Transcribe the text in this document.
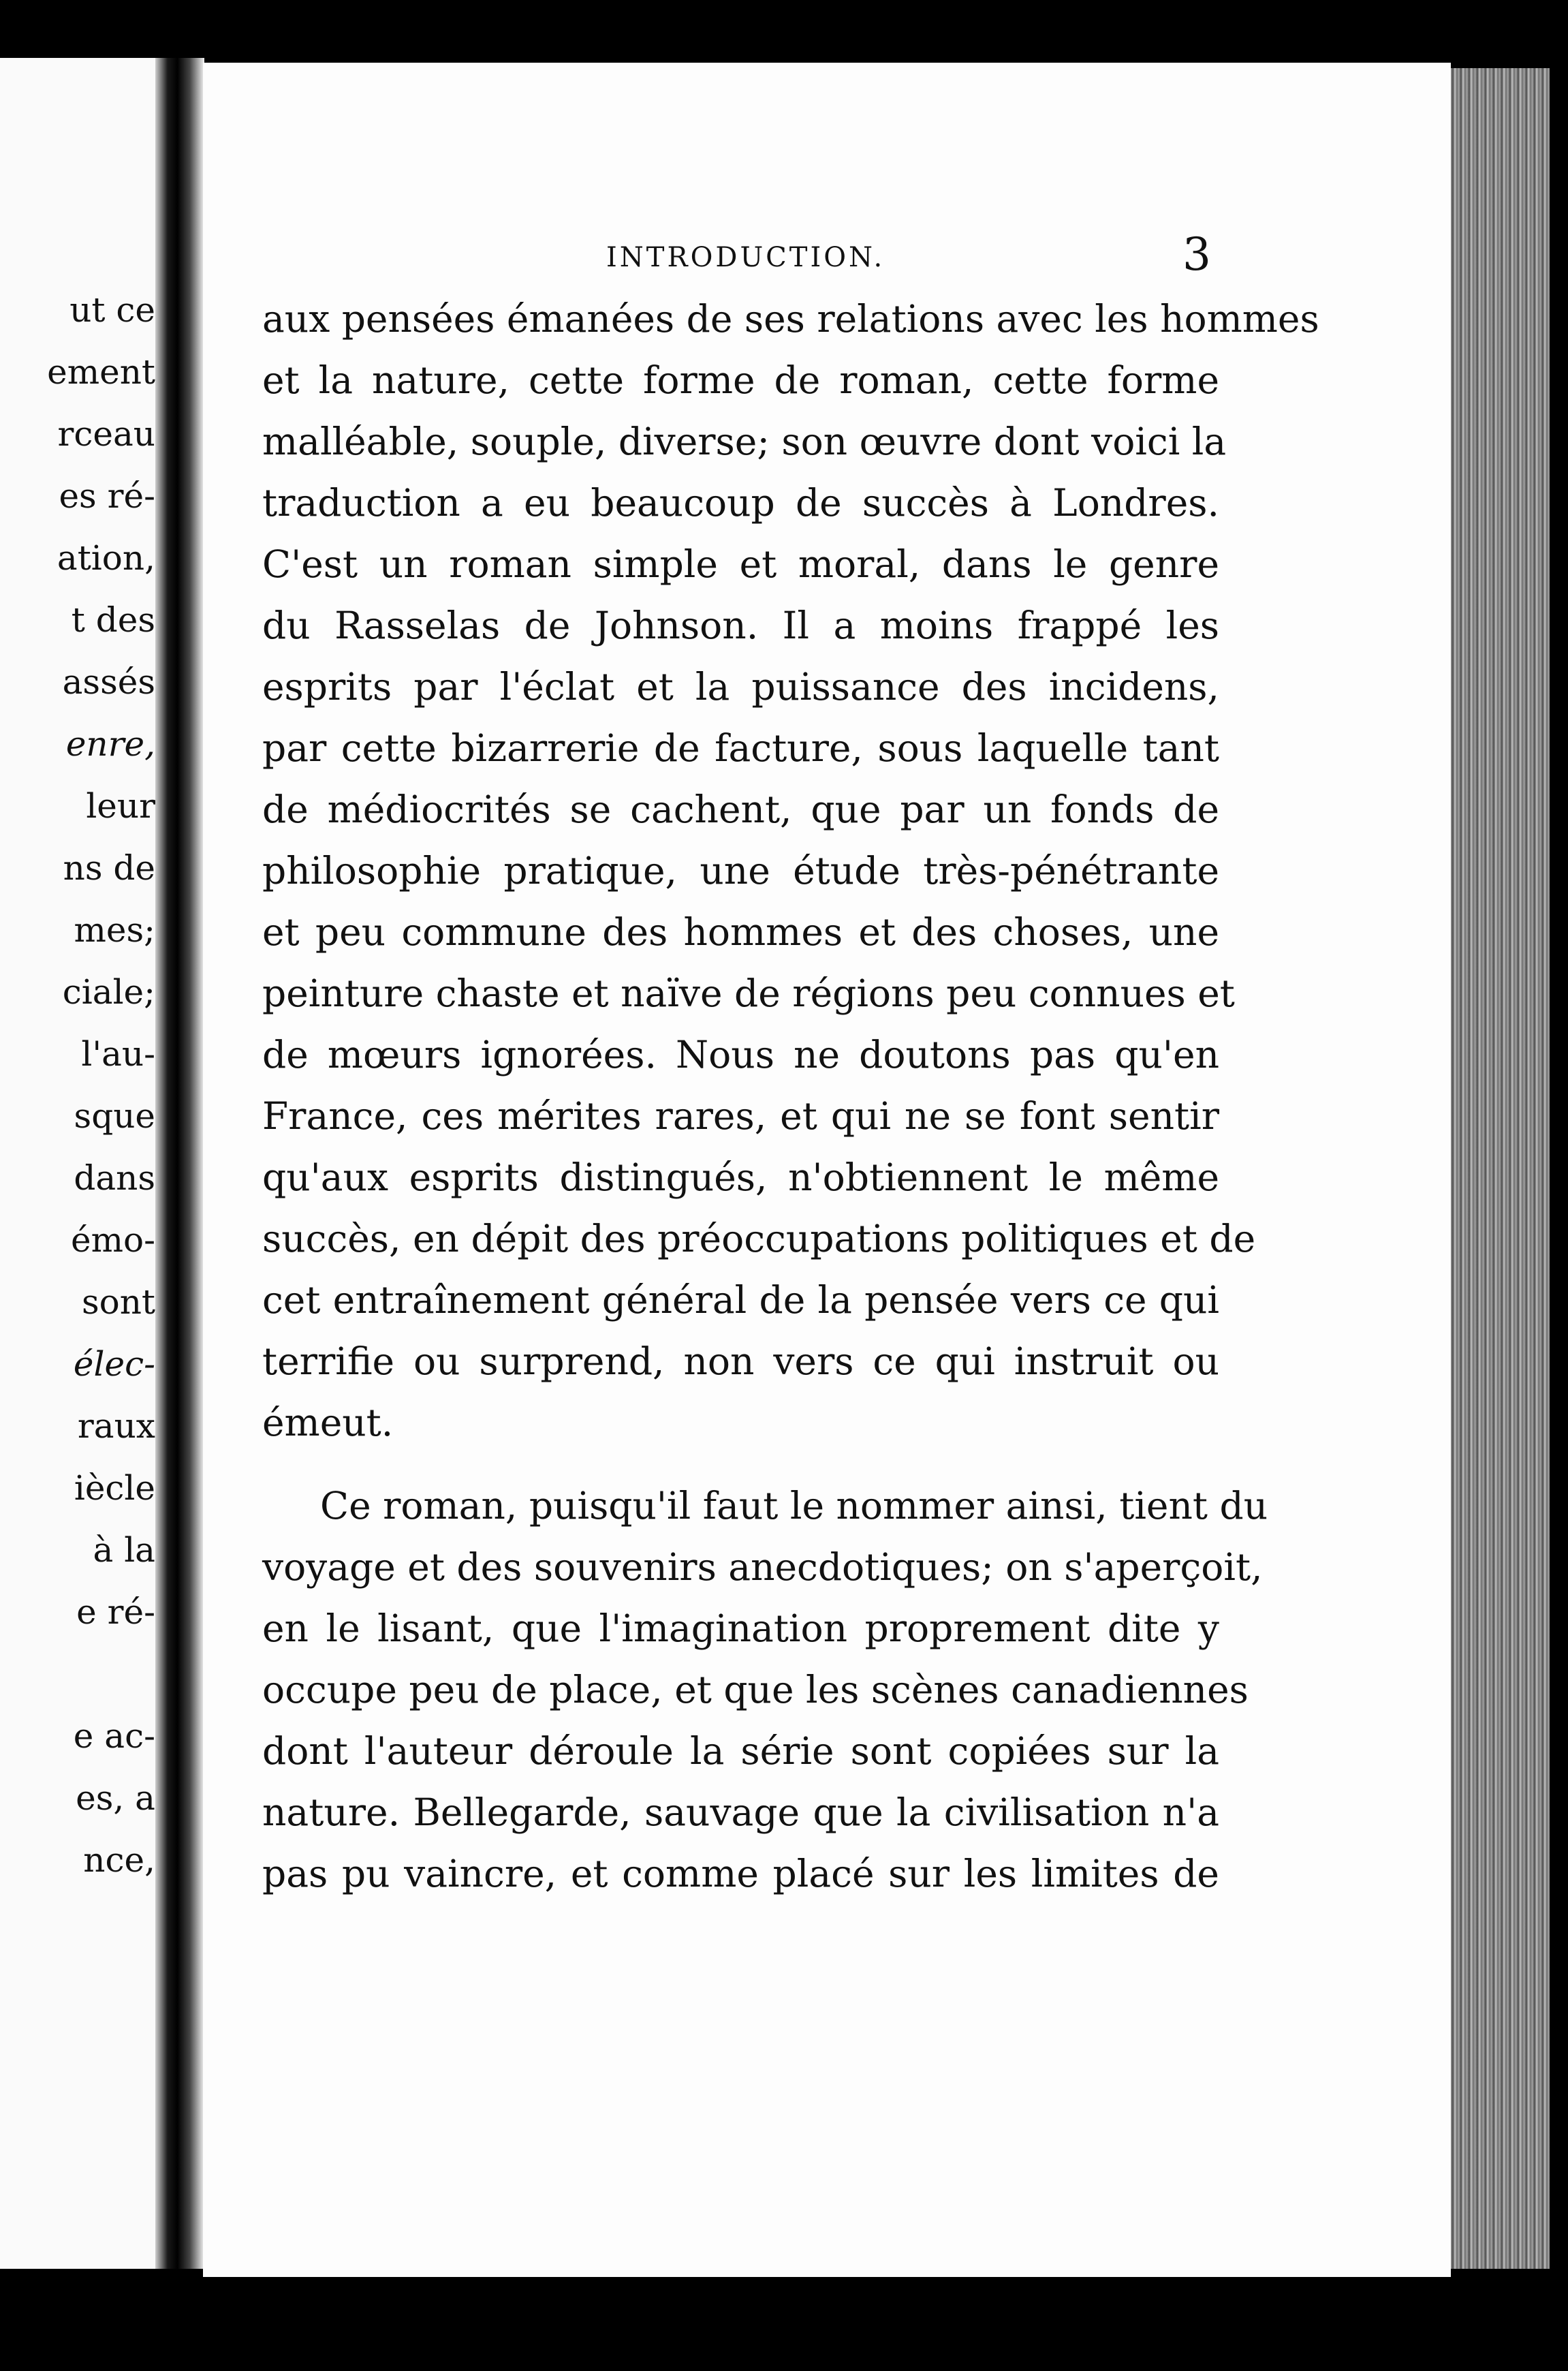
ut ce
ement
rceau
es ré-
ation,
t des
assés
enre,
leur
ns de
mes;
ciale;
l'au-
sque
dans
émo-
sont
élec-
raux
iècle
à la
e ré-
e ac-
es, a
nce,
INTRODUCTION.	3
aux pensées émanées de ses relations avec les hommes
et la nature, cette forme de roman, cette forme
malléable, souple, diverse; son œuvre dont voici la
traduction a eu beaucoup de succès à Londres.
C'est un roman simple et moral, dans le genre
du Rasselas de Johnson. Il a moins frappé les
esprits par l'éclat et la puissance des incidens,
par cette bizarrerie de facture, sous laquelle tant
de médiocrités se cachent, que par un fonds de
philosophie pratique, une étude très-pénétrante
et peu commune des hommes et des choses, une
peinture chaste et naïve de régions peu connues et
de mœurs ignorées. Nous ne doutons pas qu'en
France, ces mérites rares, et qui ne se font sentir
qu'aux esprits distingués, n'obtiennent le même
succès, en dépit des préoccupations politiques et de
cet entraînement général de la pensée vers ce qui
terrifie ou surprend, non vers ce qui instruit ou
émeut.
Ce roman, puisqu'il faut le nommer ainsi, tient du
voyage et des souvenirs anecdotiques; on s'aperçoit,
en le lisant, que l'imagination proprement dite y
occupe peu de place, et que les scènes canadiennes
dont l'auteur déroule la série sont copiées sur la
nature. Bellegarde, sauvage que la civilisation n'a
pas pu vaincre, et comme placé sur les limites de
